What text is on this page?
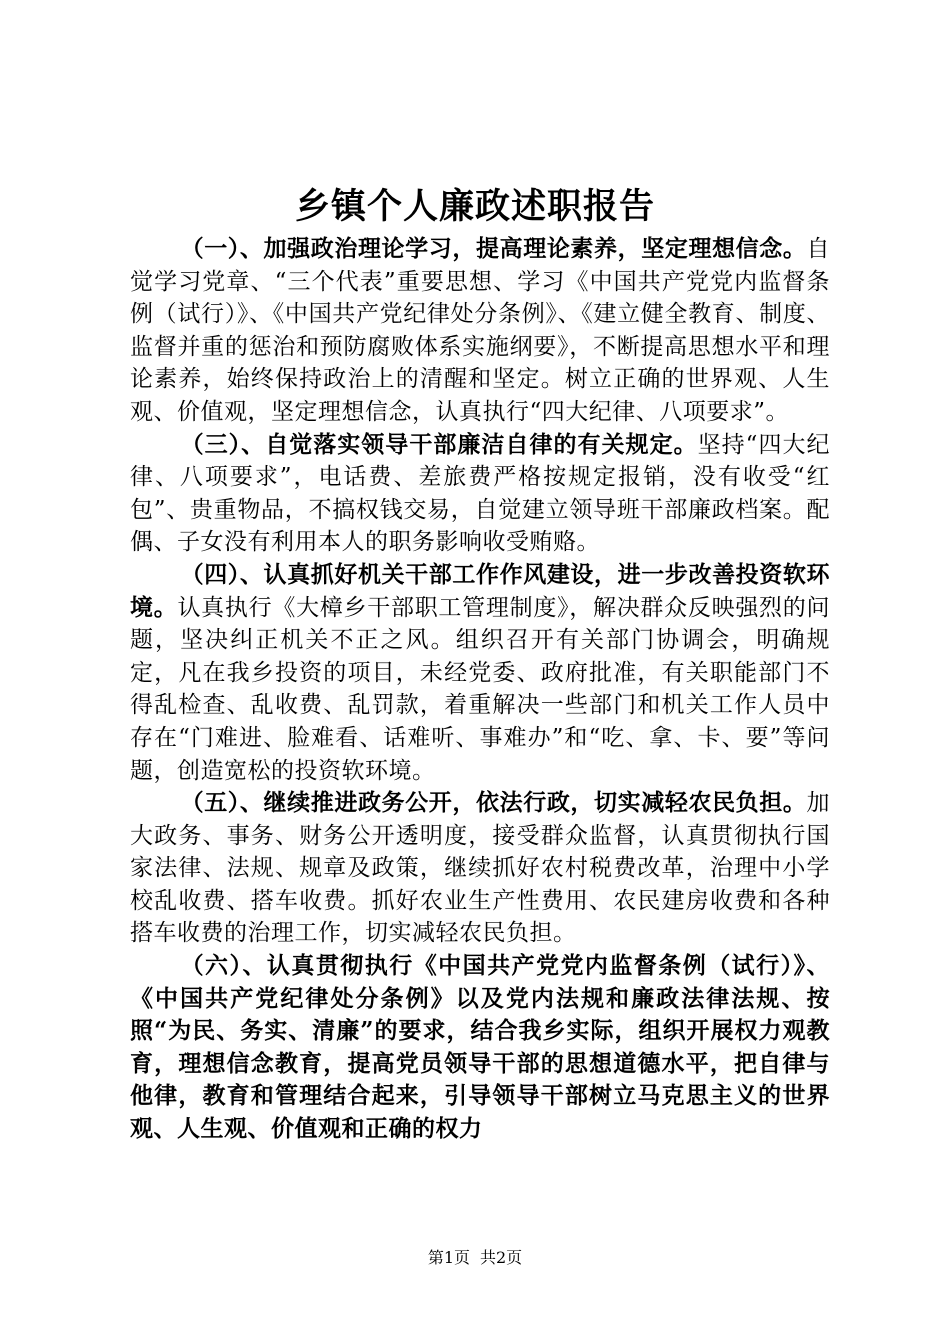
乡镇个人廉政述职报告

（一）、加强政治理论学习，提高理论素养，坚定理想信念。自觉学习党章、“三个代表”重要思想、学习《中国共产党党内监督条例（试行）》、《中国共产党纪律处分条例》、《建立健全教育、制度、监督并重的惩治和预防腐败体系实施纲要》，不断提高思想水平和理论素养，始终保持政治上的清醒和坚定。树立正确的世界观、人生观、价值观，坚定理想信念，认真执行“四大纪律、八项要求”。

（三）、自觉落实领导干部廉洁自律的有关规定。坚持“四大纪律、八项要求”，电话费、差旅费严格按规定报销，没有收受“红包”、贵重物品，不搞权钱交易，自觉建立领导班干部廉政档案。配偶、子女没有利用本人的职务影响收受贿赂。

（四）、认真抓好机关干部工作作风建设，进一步改善投资软环境。认真执行《大樟乡干部职工管理制度》，解决群众反映强烈的问题，坚决纠正机关不正之风。组织召开有关部门协调会，明确规定，凡在我乡投资的项目，未经党委、政府批准，有关职能部门不得乱检查、乱收费、乱罚款，着重解决一些部门和机关工作人员中存在“门难进、脸难看、话难听、事难办”和“吃、拿、卡、要”等问题，创造宽松的投资软环境。

（五）、继续推进政务公开，依法行政，切实减轻农民负担。加大政务、事务、财务公开透明度，接受群众监督，认真贯彻执行国家法律、法规、规章及政策，继续抓好农村税费改革，治理中小学校乱收费、搭车收费。抓好农业生产性费用、农民建房收费和各种搭车收费的治理工作，切实减轻农民负担。

（六）、认真贯彻执行《中国共产党党内监督条例（试行）》、《中国共产党纪律处分条例》以及党内法规和廉政法律法规、按照“为民、务实、清廉”的要求，结合我乡实际，组织开展权力观教育，理想信念教育，提高党员领导干部的思想道德水平，把自律与他律，教育和管理结合起来，引导领导干部树立马克思主义的世界观、人生观、价值观和正确的权力

第1页 共2页
